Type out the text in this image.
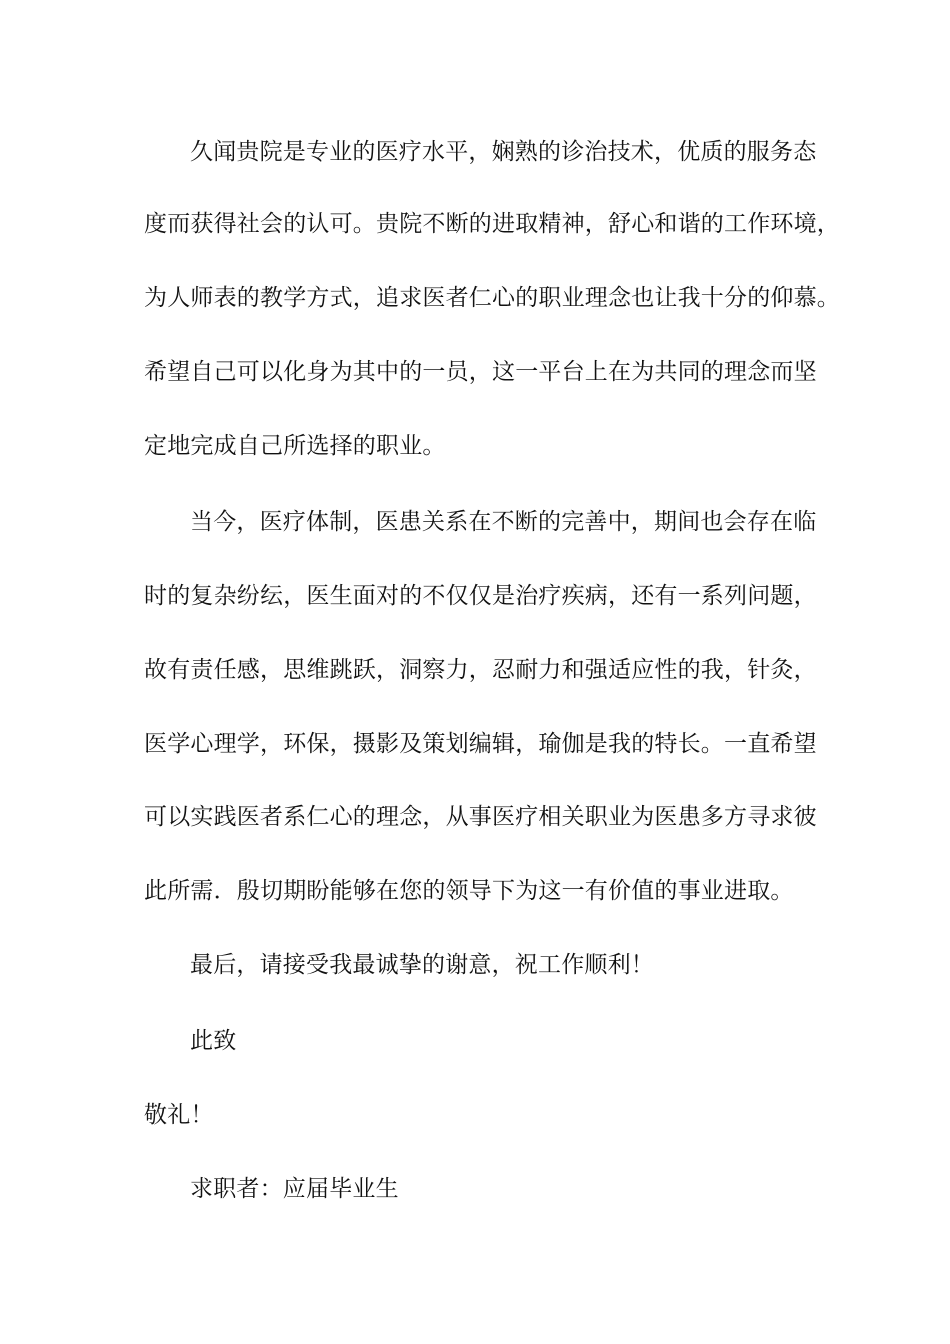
久闻贵院是专业的医疗水平，娴熟的诊治技术，优质的服务态
度而获得社会的认可。贵院不断的进取精神，舒心和谐的工作环境，
为人师表的教学方式，追求医者仁心的职业理念也让我十分的仰慕。
希望自己可以化身为其中的一员，这一平台上在为共同的理念而坚
定地完成自己所选择的职业。
当今，医疗体制，医患关系在不断的完善中，期间也会存在临
时的复杂纷纭，医生面对的不仅仅是治疗疾病，还有一系列问题，
故有责任感，思维跳跃，洞察力，忍耐力和强适应性的我，针灸，
医学心理学，环保，摄影及策划编辑，瑜伽是我的特长。一直希望
可以实践医者系仁心的理念，从事医疗相关职业为医患多方寻求彼
此所需．殷切期盼能够在您的领导下为这一有价值的事业进取。
最后，请接受我最诚挚的谢意，祝工作顺利！
此致
敬礼！
求职者：应届毕业生
